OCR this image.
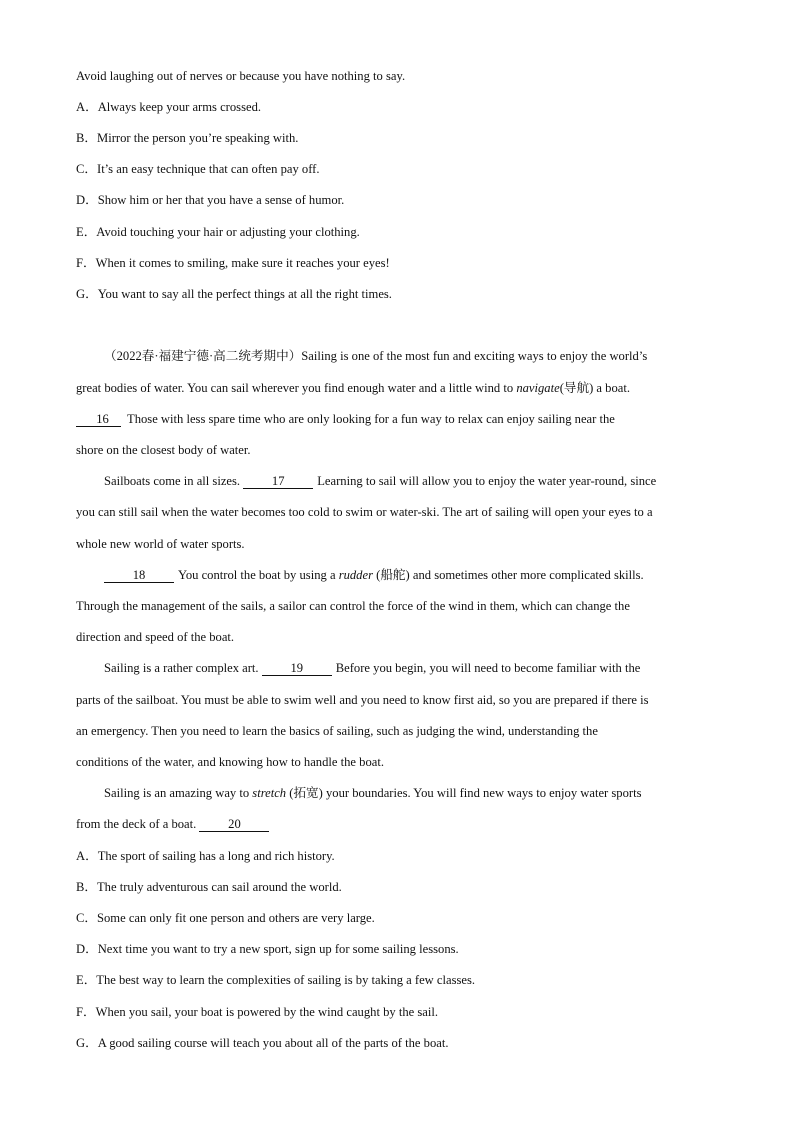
Avoid laughing out of nerves or because you have nothing to say.
A．Always keep your arms crossed.
B．Mirror the person you’re speaking with.
C．It’s an easy technique that can often pay off.
D．Show him or her that you have a sense of humor.
E．Avoid touching your hair or adjusting your clothing.
F．When it comes to smiling, make sure it reaches your eyes!
G．You want to say all the perfect things at all the right times.
（2022春·福建宁德·高二统考期中）Sailing is one of the most fun and exciting ways to enjoy the world’s
great bodies of water. You can sail wherever you find enough water and a little wind to navigate(导航) a boat.
16 Those with less spare time who are only looking for a fun way to relax can enjoy sailing near the
shore on the closest body of water.
Sailboats come in all sizes.	17	Learning to sail will allow you to enjoy the water year-round, since
you can still sail when the water becomes too cold to swim or water-ski. The art of sailing will open your eyes to a
whole new world of water sports.
18	You control the boat by using a rudder (船舵) and sometimes other more complicated skills.
Through the management of the sails, a sailor can control the force of the wind in them, which can change the
direction and speed of the boat.
Sailing is a rather complex art.	19	Before you begin, you will need to become familiar with the
parts of the sailboat. You must be able to swim well and you need to know first aid, so you are prepared if there is
an emergency. Then you need to learn the basics of sailing, such as judging the wind, understanding the
conditions of the water, and knowing how to handle the boat.
Sailing is an amazing way to stretch (拓宽) your boundaries. You will find new ways to enjoy water sports
from the deck of a boat.	20
A．The sport of sailing has a long and rich history.
B．The truly adventurous can sail around the world.
C．Some can only fit one person and others are very large.
D．Next time you want to try a new sport, sign up for some sailing lessons.
E．The best way to learn the complexities of sailing is by taking a few classes.
F．When you sail, your boat is powered by the wind caught by the sail.
G．A good sailing course will teach you about all of the parts of the boat.
